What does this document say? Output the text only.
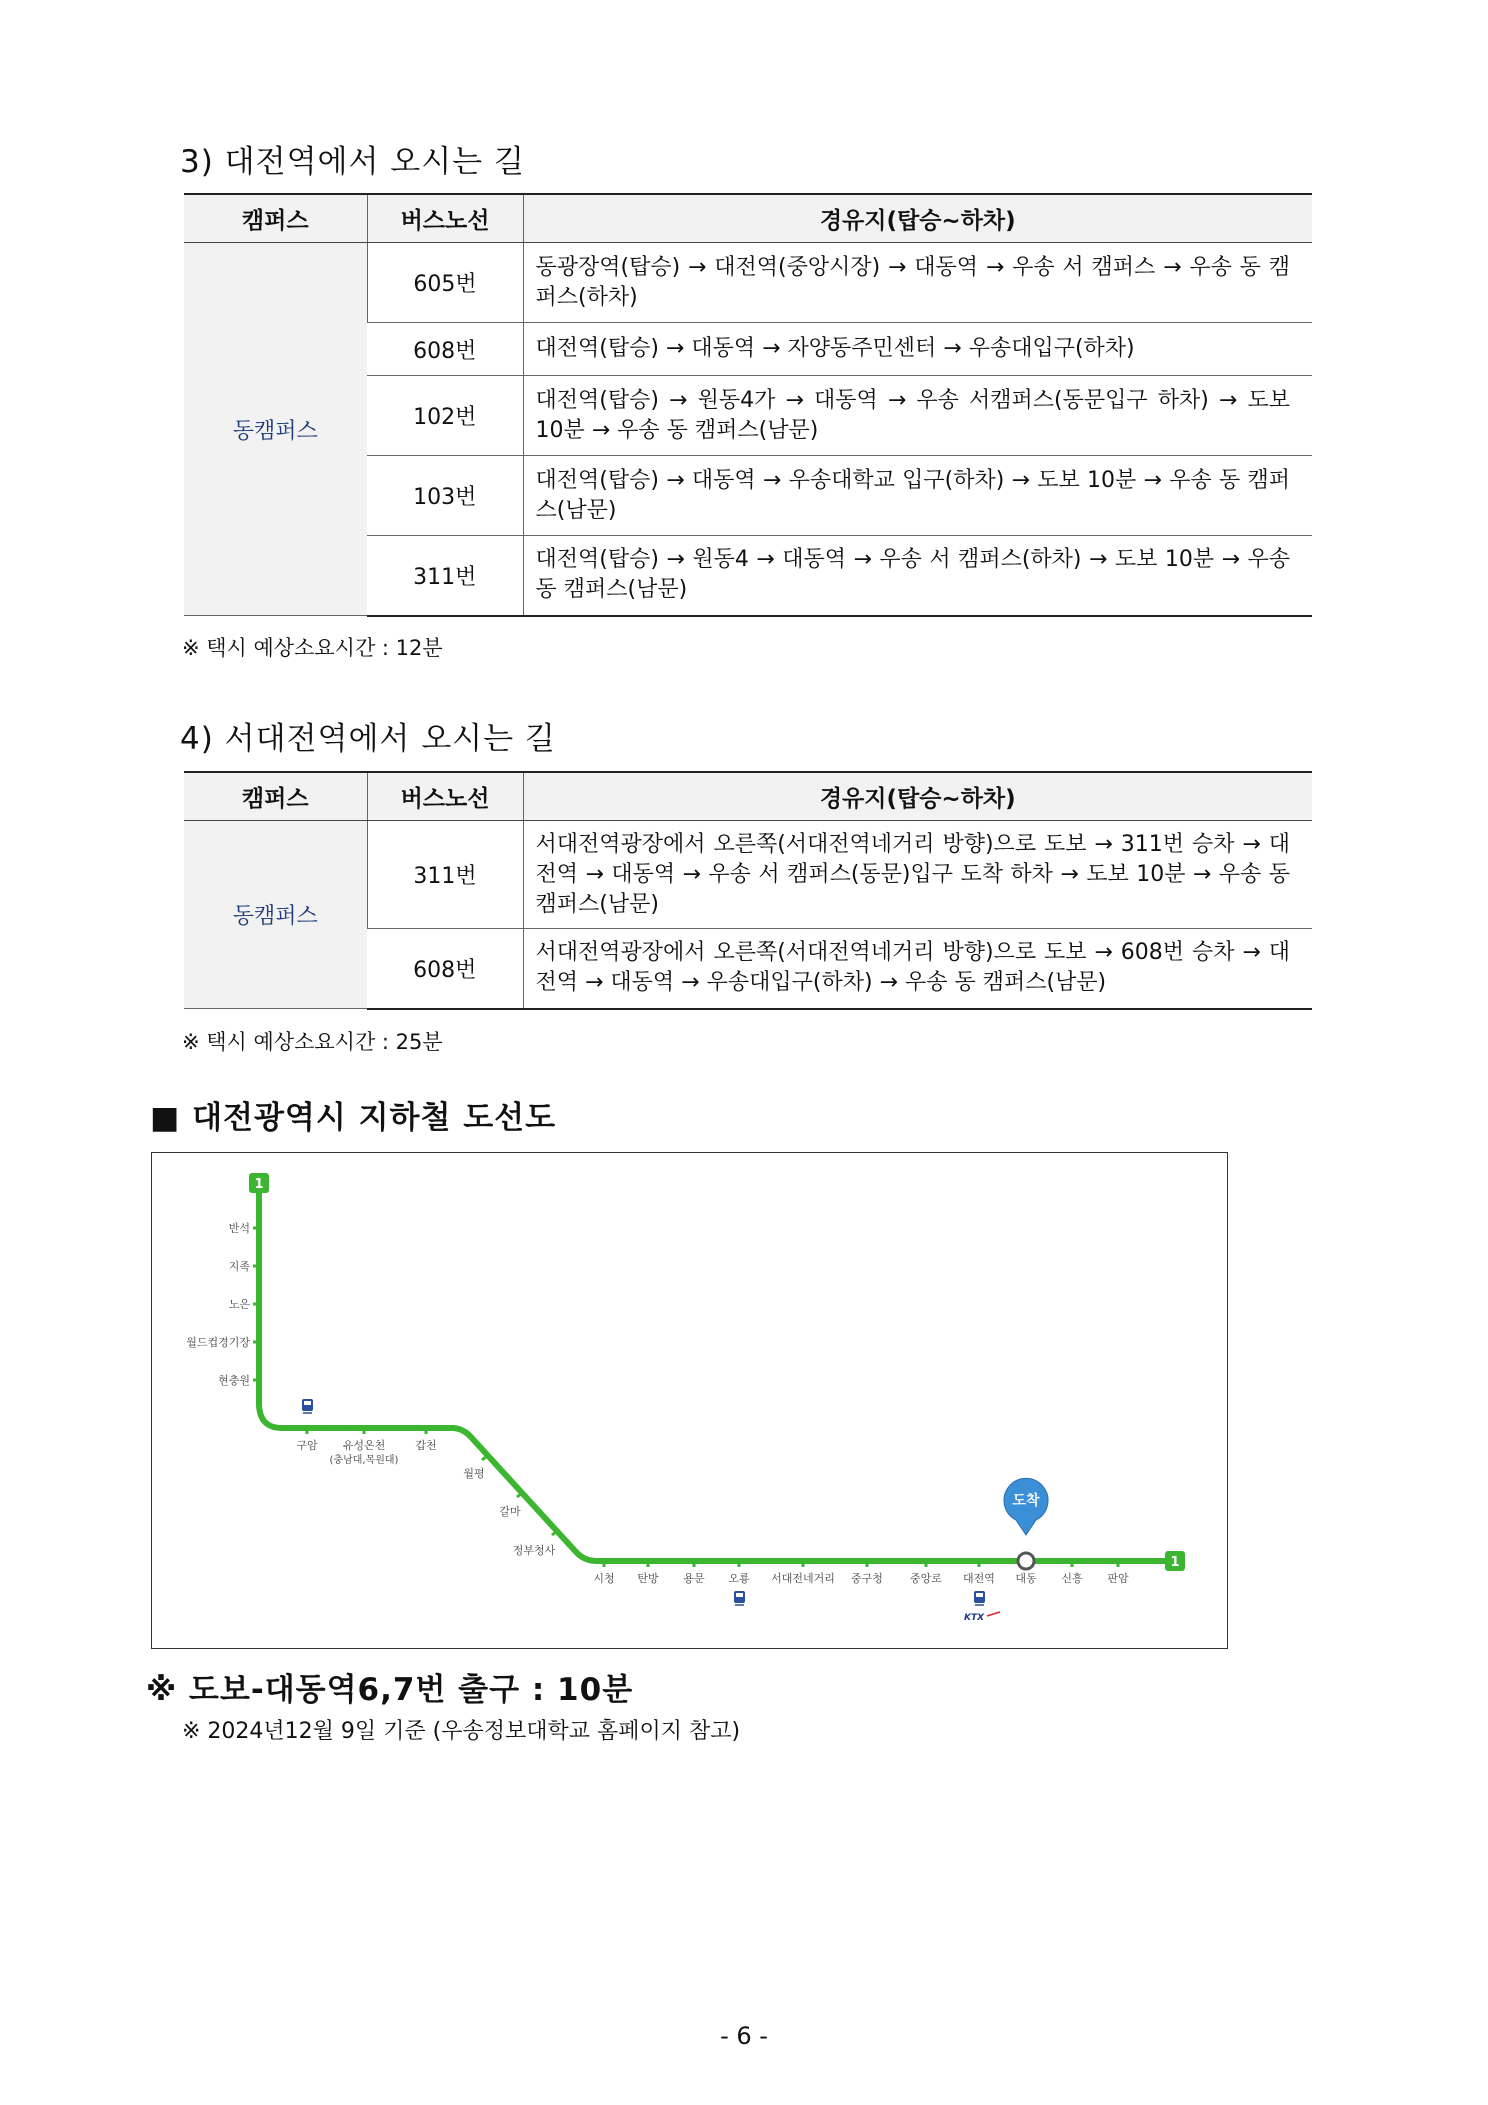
3) 대전역에서 오시는 길
캠퍼스	버스노선	경유지(탑승~하차)
동캠퍼스	605번	동광장역(탑승) → 대전역(중앙시장) → 대동역 → 우송 서 캠퍼스 → 우송 동 캠퍼스(하차)
	608번	대전역(탑승) → 대동역 → 자양동주민센터 → 우송대입구(하차)
	102번	대전역(탑승) → 원동4가 → 대동역 → 우송 서캠퍼스(동문입구 하차) → 도보 10분 → 우송 동 캠퍼스(남문)
	103번	대전역(탑승) → 대동역 → 우송대학교 입구(하차) → 도보 10분 → 우송 동 캠퍼스(남문)
	311번	대전역(탑승) → 원동4 → 대동역 → 우송 서 캠퍼스(하차) → 도보 10분 → 우송 동 캠퍼스(남문)
※ 택시 예상소요시간 : 12분
4) 서대전역에서 오시는 길
캠퍼스	버스노선	경유지(탑승~하차)
동캠퍼스	311번	서대전역광장에서 오른쪽(서대전역네거리 방향)으로 도보 → 311번 승차 → 대전역 → 대동역 → 우송 서 캠퍼스(동문)입구 도착 하차 → 도보 10분 → 우송 동 캠퍼스(남문)
	608번	서대전역광장에서 오른쪽(서대전역네거리 방향)으로 도보 → 608번 승차 → 대전역 → 대동역 → 우송대입구(하차) → 우송 동 캠퍼스(남문)
※ 택시 예상소요시간 : 25분
■ 대전광역시 지하철 도선도
1
1
반석
지족
노은
월드컵경기장
현충원
구암 유성온천
(충남대,목원대)
갑천
월평
갈마
정부청사
시청 탄방 용문 오룡 서대전네거리 중구청 중앙로 대전역 대동 신흥 판암
도착
KTX
※ 도보-대동역6,7번 출구 : 10분
※ 2024년12월 9일 기준 (우송정보대학교 홈페이지 참고)
- 6 -
